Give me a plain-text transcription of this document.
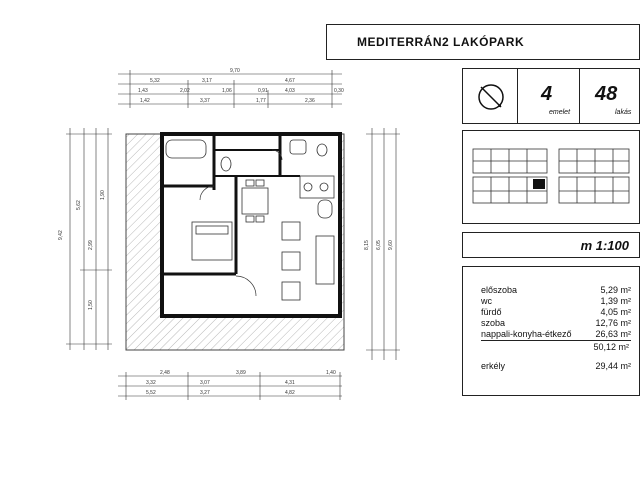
9,70
5,32	3,17	4,67
1,43	2,02	1,06	0,91	4,03	0,30
1,42	3,37	1,77	2,36
9,42
5,62
2,99
1,90
1,50
6,05 9,60
8,15
2,48	3,89	1,40
3,32	3,07	4,31
5,52	3,27	4,82
MEDITERRÁN2 LAKÓPARK
4
emelet
48
lakás
m 1:100
előszoba	5,29 m²
wc	1,39 m²
fürdő	4,05 m²
szoba	12,76 m²
nappali-konyha-étkező	26,63 m²
50,12 m²
erkély	29,44 m²
